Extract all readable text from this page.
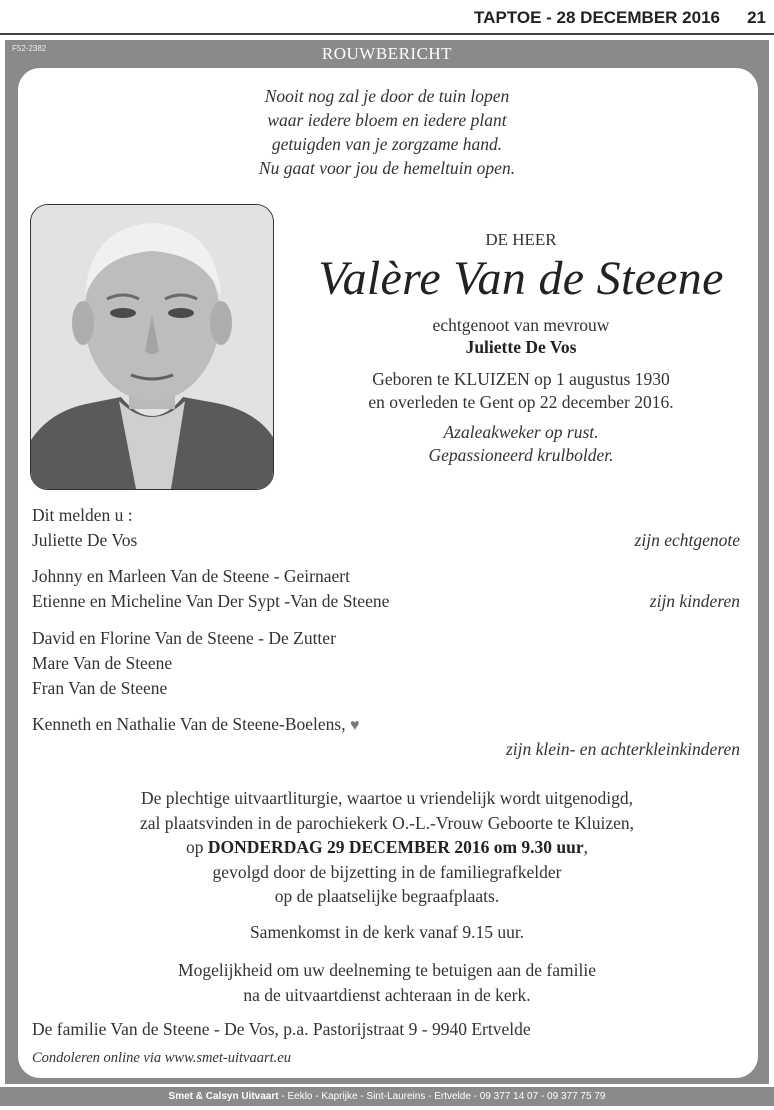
TAPTOE - 28 DECEMBER 2016 21
F52-2382	ROUWBERICHT
Nooit nog zal je door de tuin lopen
waar iedere bloem en iedere plant
getuigden van je zorgzame hand.
Nu gaat voor jou de hemeltuin open.
DE HEER
Valère Van de Steene
echtgenoot van mevrouw
Juliette De Vos
Geboren te KLUIZEN op 1 augustus 1930
en overleden te Gent op 22 december 2016.
Azaleakweker op rust.
Gepassioneerd krulbolder.
Dit melden u :
Juliette De Vos	zijn echtgenote
Johnny en Marleen Van de Steene - Geirnaert
Etienne en Micheline Van Der Sypt -Van de Steene	zijn kinderen
David en Florine Van de Steene - De Zutter
Mare Van de Steene
Fran Van de Steene
Kenneth en Nathalie Van de Steene-Boelens, ♥
zijn klein- en achterkleinkinderen
De plechtige uitvaartliturgie, waartoe u vriendelijk wordt uitgenodigd,
zal plaatsvinden in de parochiekerk O.-L.-Vrouw Geboorte te Kluizen,
op DONDERDAG 29 DECEMBER 2016 om 9.30 uur,
gevolgd door de bijzetting in de familiegrafkelder
op de plaatselijke begraafplaats.
Samenkomst in de kerk vanaf 9.15 uur.
Mogelijkheid om uw deelneming te betuigen aan de familie
na de uitvaartdienst achteraan in de kerk.
De familie Van de Steene - De Vos, p.a. Pastorijstraat 9 - 9940 Ertvelde
Condoleren online via www.smet-uitvaart.eu
Smet & Calsyn Uitvaart - Eeklo - Kaprijke - Sint-Laureins - Ertvelde - 09 377 14 07 - 09 377 75 79
